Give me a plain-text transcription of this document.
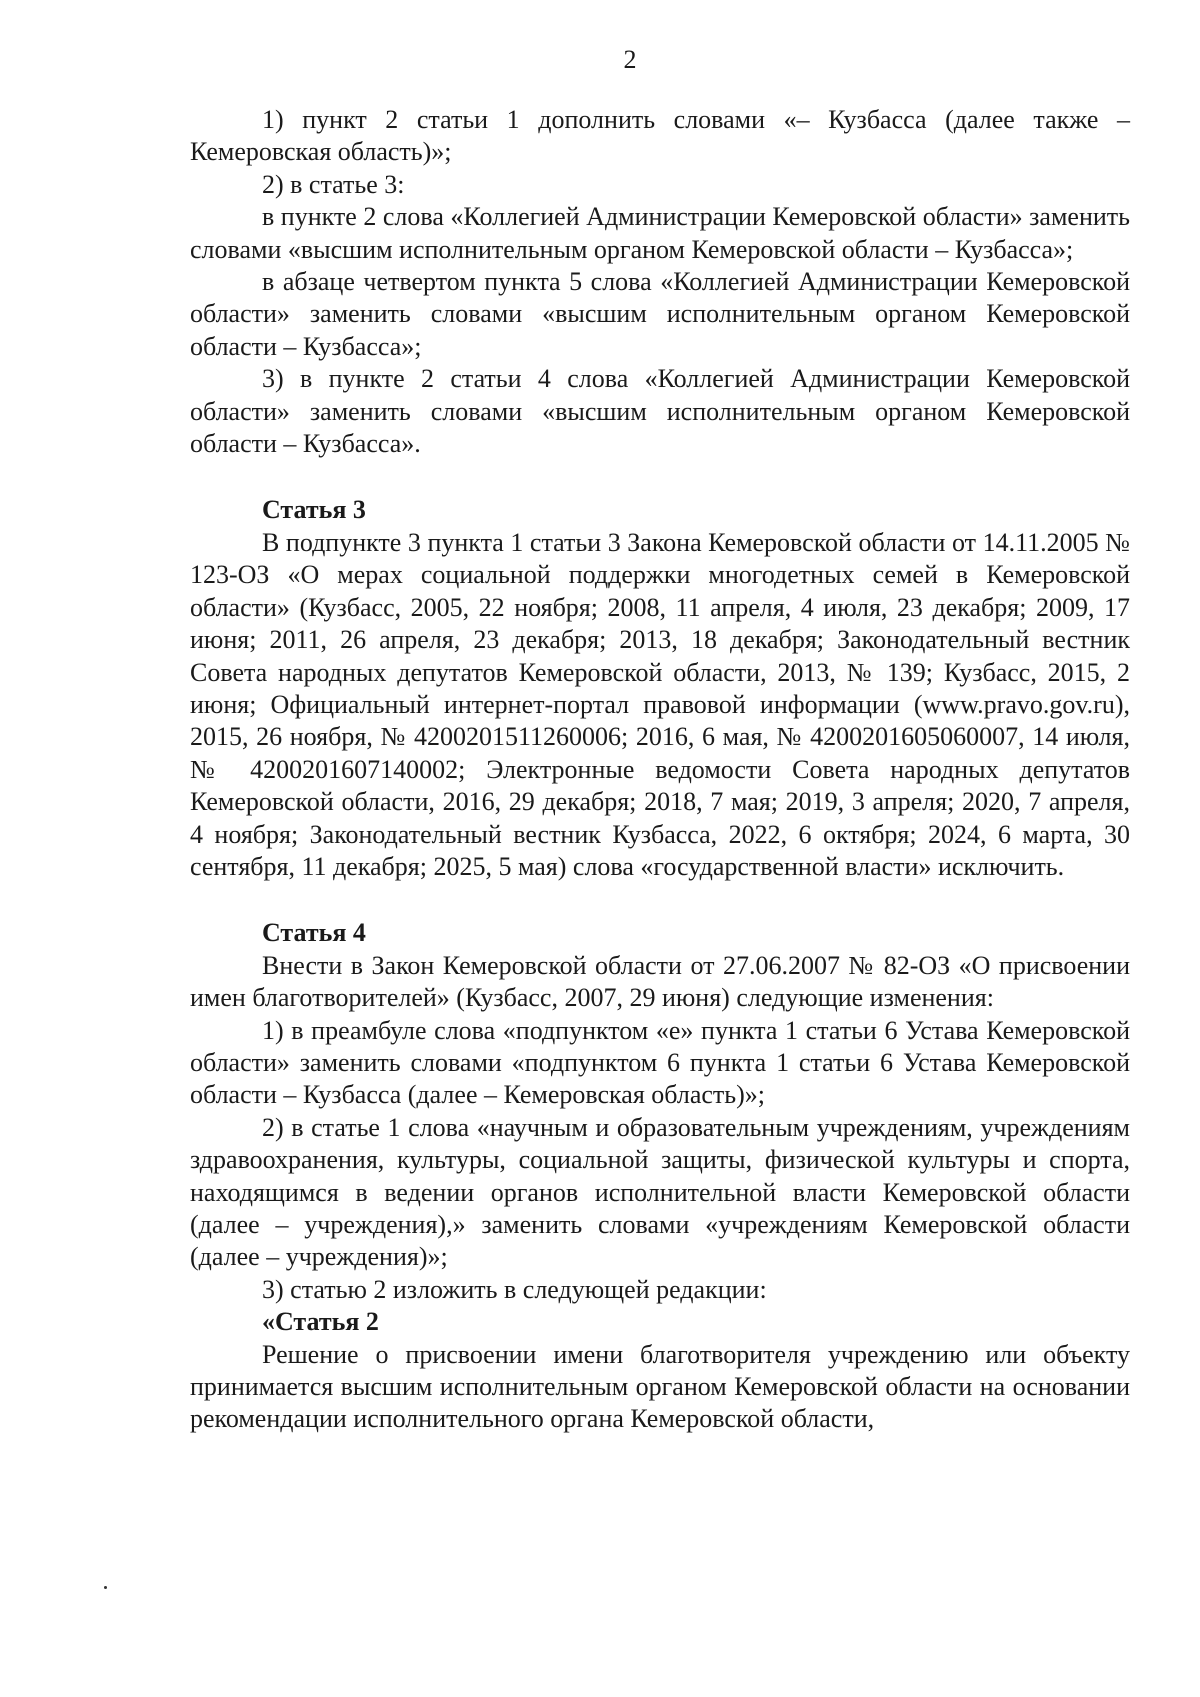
2

1) пункт 2 статьи 1 дополнить словами «– Кузбасса (далее также – Кемеровская область)»;

2) в статье 3:

в пункте 2 слова «Коллегией Администрации Кемеровской области» заменить словами «высшим исполнительным органом Кемеровской области – Кузбасса»;

в абзаце четвертом пункта 5 слова «Коллегией Администрации Кемеровской области» заменить словами «высшим исполнительным органом Кемеровской области – Кузбасса»;

3) в пункте 2 статьи 4 слова «Коллегией Администрации Кемеровской области» заменить словами «высшим исполнительным органом Кемеровской области – Кузбасса».

Статья 3

В подпункте 3 пункта 1 статьи 3 Закона Кемеровской области от 14.11.2005 № 123-ОЗ «О мерах социальной поддержки многодетных семей в Кемеровской области» (Кузбасс, 2005, 22 ноября; 2008, 11 апреля, 4 июля, 23 декабря; 2009, 17 июня; 2011, 26 апреля, 23 декабря; 2013, 18 декабря; Законодательный вестник Совета народных депутатов Кемеровской области, 2013, № 139; Кузбасс, 2015, 2 июня; Официальный интернет-портал правовой информации (www.pravo.gov.ru), 2015, 26 ноября, № 4200201511260006; 2016, 6 мая, № 4200201605060007, 14 июля, № 4200201607140002; Электронные ведомости Совета народных депутатов Кемеровской области, 2016, 29 декабря; 2018, 7 мая; 2019, 3 апреля; 2020, 7 апреля, 4 ноября; Законодательный вестник Кузбасса, 2022, 6 октября; 2024, 6 марта, 30 сентября, 11 декабря; 2025, 5 мая) слова «государственной власти» исключить.

Статья 4

Внести в Закон Кемеровской области от 27.06.2007 № 82-ОЗ «О присвоении имен благотворителей» (Кузбасс, 2007, 29 июня) следующие изменения:

1) в преамбуле слова «подпунктом «е» пункта 1 статьи 6 Устава Кемеровской области» заменить словами «подпунктом 6 пункта 1 статьи 6 Устава Кемеровской области – Кузбасса (далее – Кемеровская область)»;

2) в статье 1 слова «научным и образовательным учреждениям, учреждениям здравоохранения, культуры, социальной защиты, физической культуры и спорта, находящимся в ведении органов исполнительной власти Кемеровской области (далее – учреждения),» заменить словами «учреждениям Кемеровской области (далее – учреждения)»;

3) статью 2 изложить в следующей редакции:

«Статья 2

Решение о присвоении имени благотворителя учреждению или объекту принимается высшим исполнительным органом Кемеровской области на основании рекомендации исполнительного органа Кемеровской области,
